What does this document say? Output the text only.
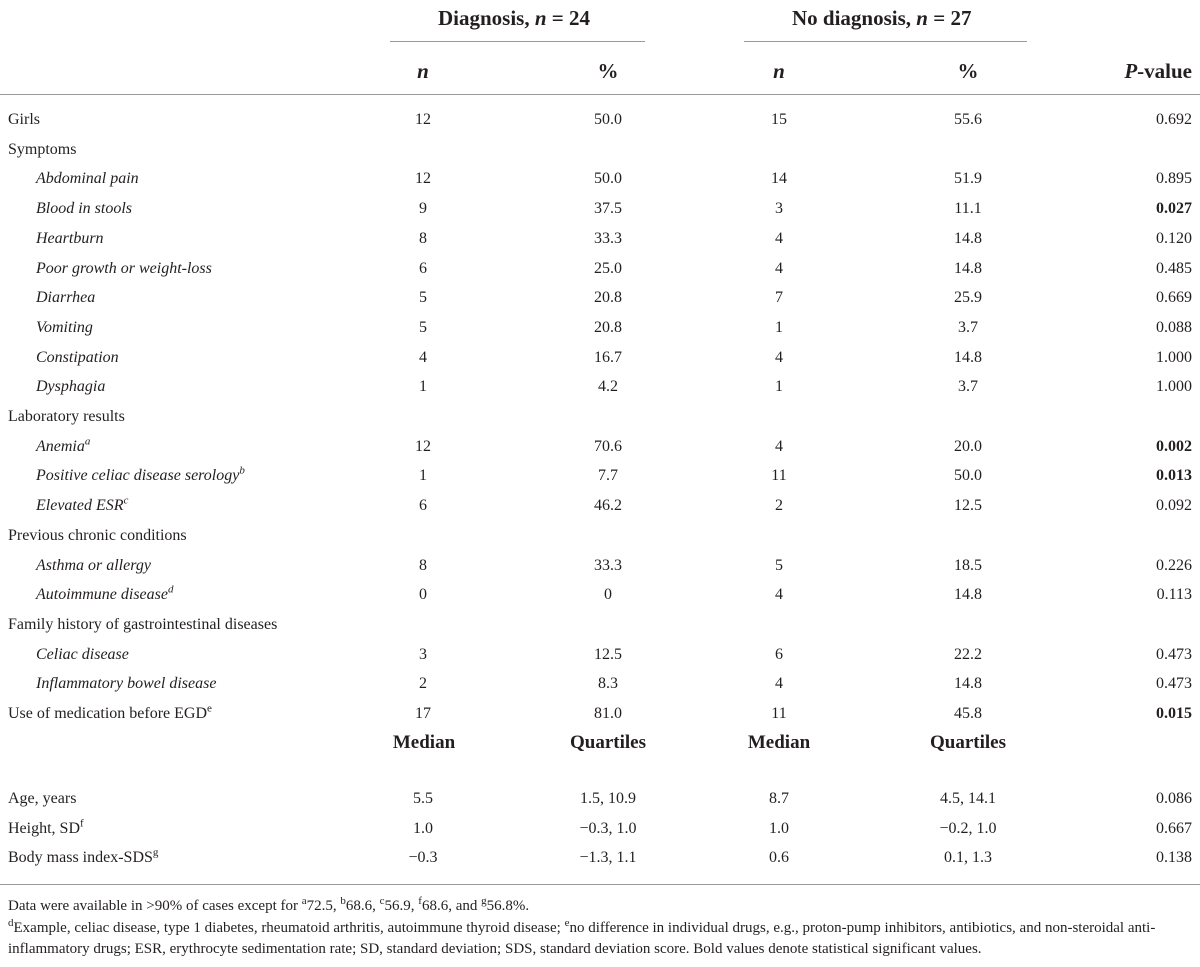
Diagnosis, n = 24	No diagnosis, n = 27
n	%	n	%	P-value
Girls	12	50.0	15	55.6	0.692
Symptoms
Abdominal pain	12	50.0	14	51.9	0.895
Blood in stools	9	37.5	3	11.1	0.027
Heartburn	8	33.3	4	14.8	0.120
Poor growth or weight-loss	6	25.0	4	14.8	0.485
Diarrhea	5	20.8	7	25.9	0.669
Vomiting	5	20.8	1	3.7	0.088
Constipation	4	16.7	4	14.8	1.000
Dysphagia	1	4.2	1	3.7	1.000
Laboratory results
Anemia$^a$	12	70.6	4	20.0	0.002
Positive celiac disease serology$^b$	1	7.7	11	50.0	0.013
Elevated ESR$^c$	6	46.2	2	12.5	0.092
Previous chronic conditions
Asthma or allergy	8	33.3	5	18.5	0.226
Autoimmune disease$^d$	0	0	4	14.8	0.113
Family history of gastrointestinal diseases
Celiac disease	3	12.5	6	22.2	0.473
Inflammatory bowel disease	2	8.3	4	14.8	0.473
Use of medication before EGD$^e$	17	81.0	11	45.8	0.015
Median	Quartiles	Median	Quartiles
Age, years	5.5	1.5, 10.9	8.7	4.5, 14.1	0.086
Height, $SD^f$	1.0	−0.3, 1.0	1.0	−0.2, 1.0	0.667
Body mass index-$SDS^g$	−0.3	−1.3, 1.1	0.6	0.1, 1.3	0.138
Data were available in >90% of cases except for $^a$72.5, $^b$68.6, $^c$56.9, $^f$68.6, and $^g$56.8%.
$^d$Example, celiac disease, type 1 diabetes, rheumatoid arthritis, autoimmune thyroid disease; $^e$no difference in individual drugs, e.g., proton-pump inhibitors, antibiotics, and non-steroidal anti-inflammatory drugs; ESR, erythrocyte sedimentation rate; SD, standard deviation; SDS, standard deviation score. Bold values denote statistical significant values.
